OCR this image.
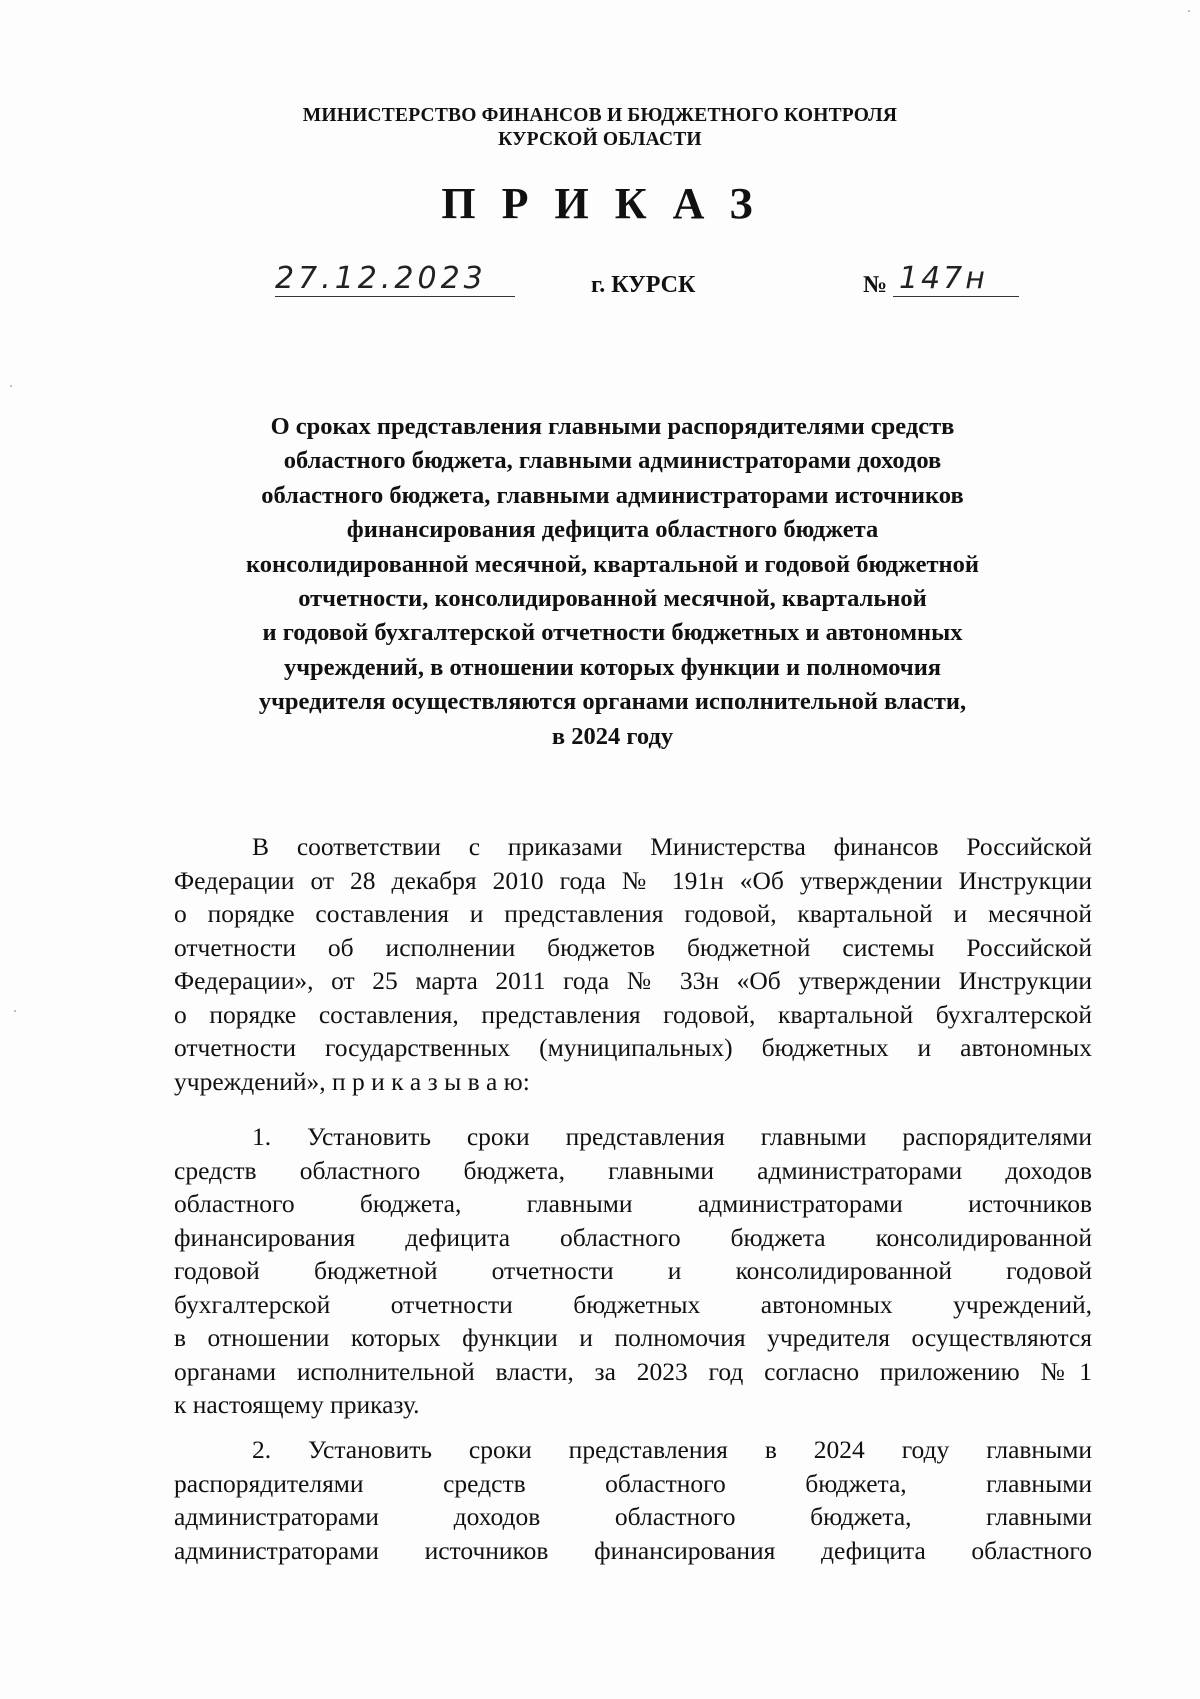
МИНИСТЕРСТВО ФИНАНСОВ И БЮДЖЕТНОГО КОНТРОЛЯ
КУРСКОЙ ОБЛАСТИ
ПРИКАЗ
27.12.2023	г. КУРСК	№ 147н
О сроках представления главными распорядителями средств
областного бюджета, главными администраторами доходов
областного бюджета, главными администраторами источников
финансирования дефицита областного бюджета
консолидированной месячной, квартальной и годовой бюджетной
отчетности, консолидированной месячной, квартальной
и годовой бухгалтерской отчетности бюджетных и автономных
учреждений, в отношении которых функции и полномочия
учредителя осуществляются органами исполнительной власти,
в 2024 году
В соответствии с приказами Министерства финансов Российской
Федерации от 28 декабря 2010 года № 191н «Об утверждении Инструкции
о порядке составления и представления годовой, квартальной и месячной
отчетности об исполнении бюджетов бюджетной системы Российской
Федерации», от 25 марта 2011 года № 33н «Об утверждении Инструкции
о порядке составления, представления годовой, квартальной бухгалтерской
отчетности государственных (муниципальных) бюджетных и автономных
учреждений», п р и к а з ы в а ю:
1. Установить сроки представления главными распорядителями
средств областного бюджета, главными администраторами доходов
областного бюджета, главными администраторами источников
финансирования дефицита областного бюджета консолидированной
годовой бюджетной отчетности и консолидированной годовой
бухгалтерской отчетности бюджетных автономных учреждений,
в отношении которых функции и полномочия учредителя осуществляются
органами исполнительной власти, за 2023 год согласно приложению №1
к настоящему приказу.
2. Установить сроки представления в 2024 году главными
распорядителями средств областного бюджета, главными
администраторами доходов областного бюджета, главными
администраторами источников финансирования дефицита областного
